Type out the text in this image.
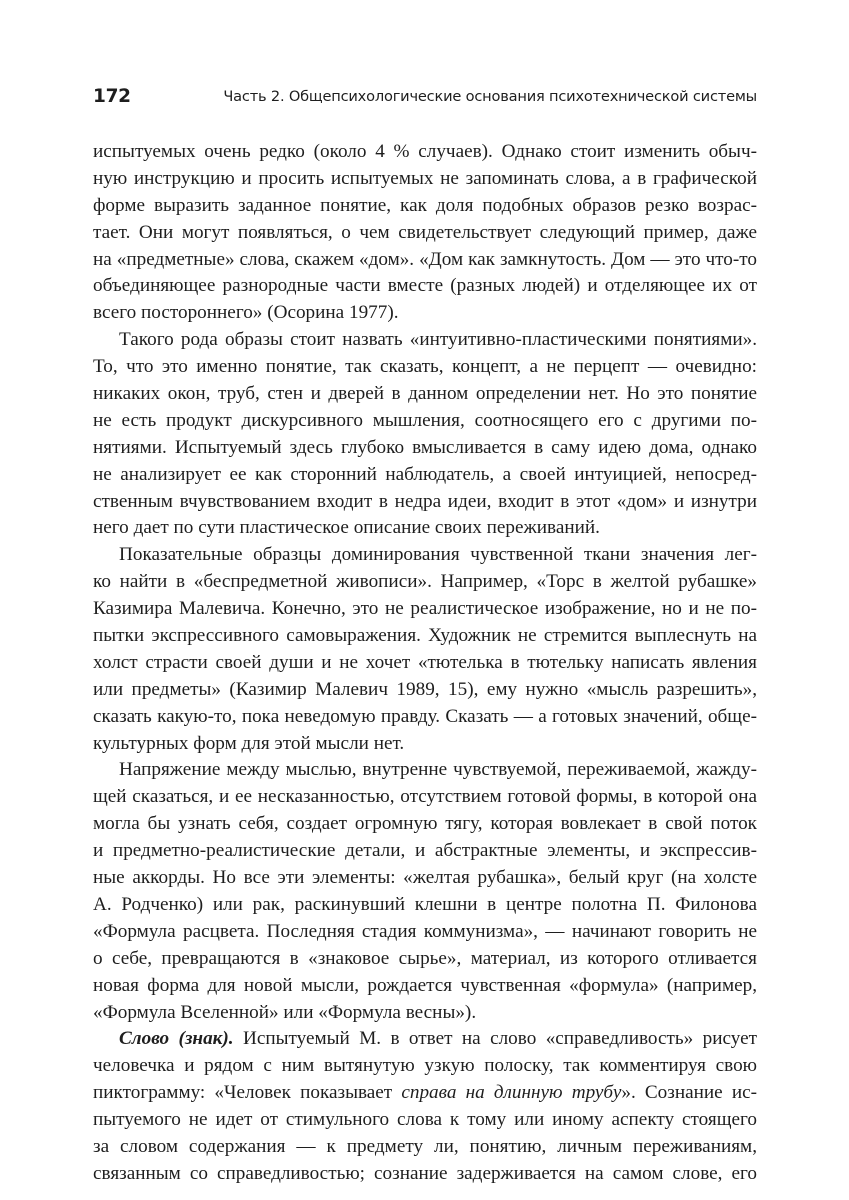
172	Часть 2. Общепсихологические основания психотехнической системы
испытуемых очень редко (около 4 % случаев). Однако стоит изменить обыч-
ную инструкцию и просить испытуемых не запоминать слова, а в графической
форме выразить заданное понятие, как доля подобных образов резко возрас-
тает. Они могут появляться, о чем свидетельствует следующий пример, даже
на «предметные» слова, скажем «дом». «Дом как замкнутость. Дом — это что-то
объединяющее разнородные части вместе (разных людей) и отделяющее их от
всего постороннего» (Осорина 1977).
Такого рода образы стоит назвать «интуитивно-пластическими понятиями».
То, что это именно понятие, так сказать, концепт, а не перцепт — очевидно:
никаких окон, труб, стен и дверей в данном определении нет. Но это понятие
не есть продукт дискурсивного мышления, соотносящего его с другими по-
нятиями. Испытуемый здесь глубоко вмысливается в саму идею дома, однако
не анализирует ее как сторонний наблюдатель, а своей интуицией, непосред-
ственным вчувствованием входит в недра идеи, входит в этот «дом» и изнутри
него дает по сути пластическое описание своих переживаний.
Показательные образцы доминирования чувственной ткани значения лег-
ко найти в «беспредметной живописи». Например, «Торс в желтой рубашке»
Казимира Малевича. Конечно, это не реалистическое изображение, но и не по-
пытки экспрессивного самовыражения. Художник не стремится выплеснуть на
холст страсти своей души и не хочет «тютелька в тютельку написать явления
или предметы» (Казимир Малевич 1989, 15), ему нужно «мысль разрешить»,
сказать какую-то, пока неведомую правду. Сказать — а готовых значений, обще-
культурных форм для этой мысли нет.
Напряжение между мыслью, внутренне чувствуемой, переживаемой, жажду-
щей сказаться, и ее несказанностью, отсутствием готовой формы, в которой она
могла бы узнать себя, создает огромную тягу, которая вовлекает в свой поток
и предметно-реалистические детали, и абстрактные элементы, и экспрессив-
ные аккорды. Но все эти элементы: «желтая рубашка», белый круг (на холсте
А. Родченко) или рак, раскинувший клешни в центре полотна П. Филонова
«Формула расцвета. Последняя стадия коммунизма», — начинают говорить не
о себе, превращаются в «знаковое сырье», материал, из которого отливается
новая форма для новой мысли, рождается чувственная «формула» (например,
«Формула Вселенной» или «Формула весны»).
Слово (знак). Испытуемый М. в ответ на слово «справедливость» рисует
человечка и рядом с ним вытянутую узкую полоску, так комментируя свою
пиктограмму: «Человек показывает справа на длинную трубу». Сознание ис-
пытуемого не идет от стимульного слова к тому или иному аспекту стоящего
за словом содержания — к предмету ли, понятию, личным переживаниям,
связанным со справедливостью; сознание задерживается на самом слове, его
